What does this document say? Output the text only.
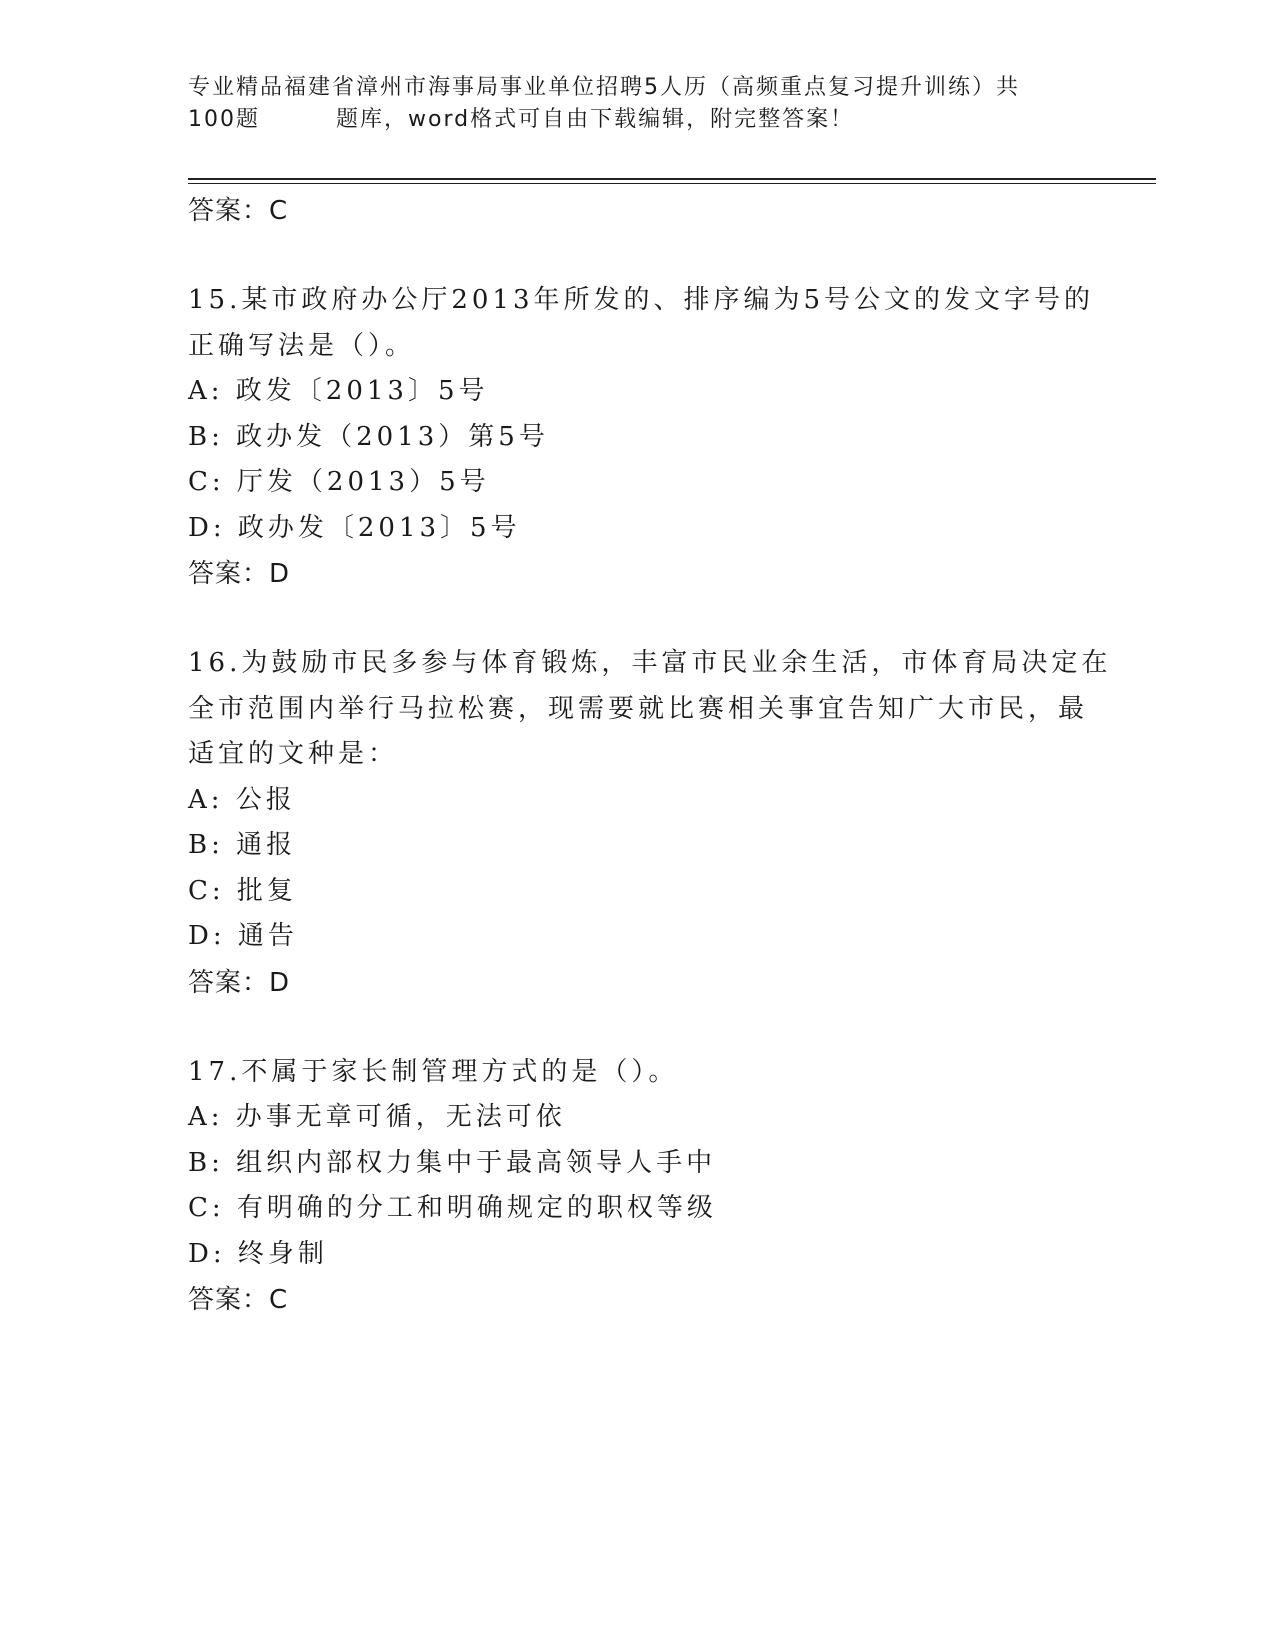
专业精品福建省漳州市海事局事业单位招聘5人历（高频重点复习提升训练）共
100题	题库，word格式可自由下载编辑，附完整答案！
答案：C
15.某市政府办公厅2013年所发的、排序编为5号公文的发文字号的
正确写法是（）。
A: 政发〔2013〕5号
B: 政办发（2013）第5号
C: 厅发（2013）5号
D: 政办发〔2013〕5号
答案：D
16.为鼓励市民多参与体育锻炼，丰富市民业余生活，市体育局决定在
全市范围内举行马拉松赛，现需要就比赛相关事宜告知广大市民，最
适宜的文种是：
A: 公报
B: 通报
C: 批复
D: 通告
答案：D
17.不属于家长制管理方式的是（）。
A: 办事无章可循，无法可依
B: 组织内部权力集中于最高领导人手中
C: 有明确的分工和明确规定的职权等级
D: 终身制
答案：C
